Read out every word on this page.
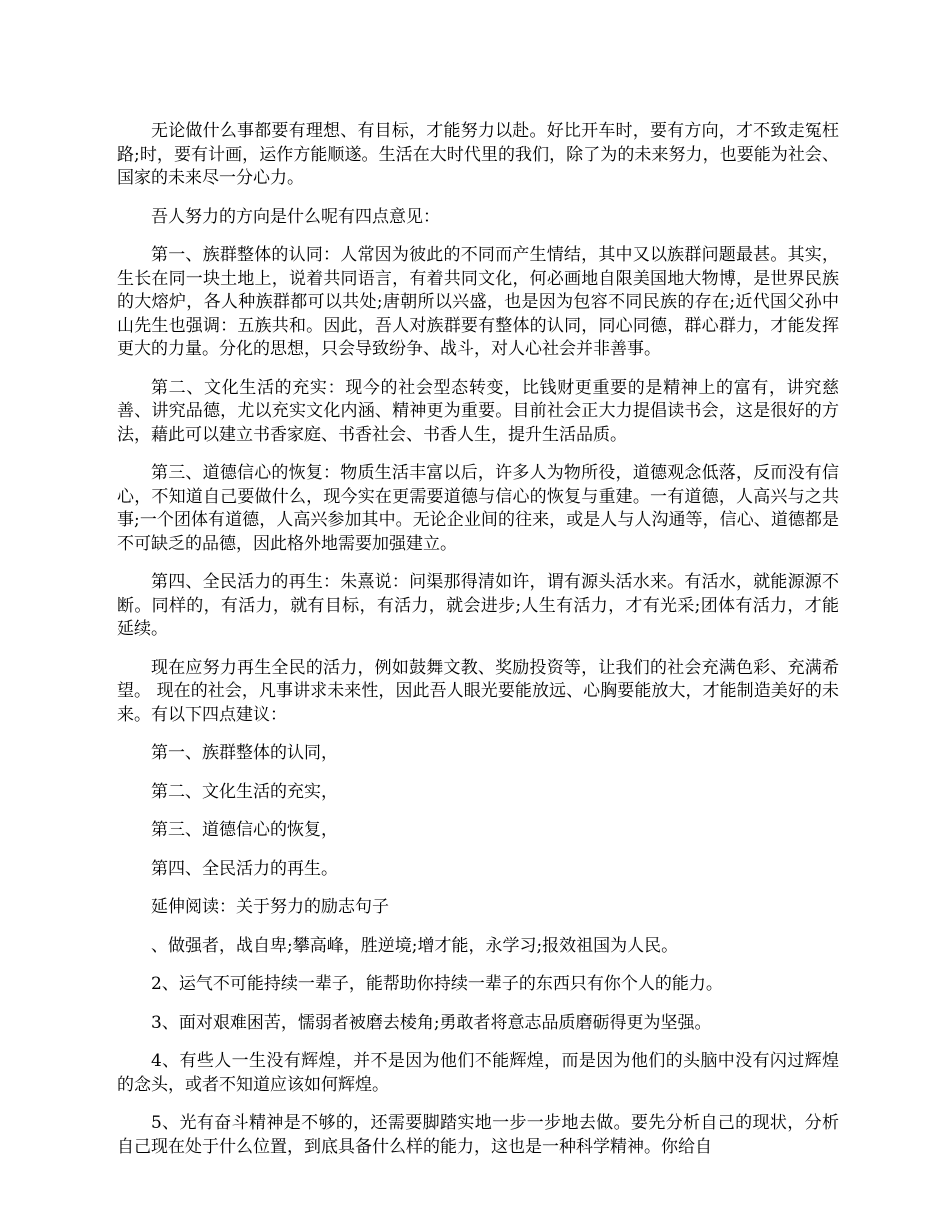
无论做什么事都要有理想、有目标，才能努力以赴。好比开车时，要有方向，才不致走冤枉路;时，要有计画，运作方能顺遂。生活在大时代里的我们，除了为的未来努力，也要能为社会、国家的未来尽一分心力。

吾人努力的方向是什么呢有四点意见：

第一、族群整体的认同：人常因为彼此的不同而产生情结，其中又以族群问题最甚。其实，生长在同一块土地上，说着共同语言，有着共同文化，何必画地自限美国地大物博，是世界民族的大熔炉，各人种族群都可以共处;唐朝所以兴盛，也是因为包容不同民族的存在;近代国父孙中山先生也强调：五族共和。因此，吾人对族群要有整体的认同，同心同德，群心群力，才能发挥更大的力量。分化的思想，只会导致纷争、战斗，对人心社会并非善事。

第二、文化生活的充实：现今的社会型态转变，比钱财更重要的是精神上的富有，讲究慈善、讲究品德，尤以充实文化内涵、精神更为重要。目前社会正大力提倡读书会，这是很好的方法，藉此可以建立书香家庭、书香社会、书香人生，提升生活品质。

第三、道德信心的恢复：物质生活丰富以后，许多人为物所役，道德观念低落，反而没有信心，不知道自己要做什么，现今实在更需要道德与信心的恢复与重建。一有道德，人高兴与之共事;一个团体有道德，人高兴参加其中。无论企业间的往来，或是人与人沟通等，信心、道德都是不可缺乏的品德，因此格外地需要加强建立。

第四、全民活力的再生：朱熹说：问渠那得清如许，谓有源头活水来。有活水，就能源源不断。同样的，有活力，就有目标，有活力，就会进步;人生有活力，才有光采;团体有活力，才能延续。

现在应努力再生全民的活力，例如鼓舞文教、奖励投资等，让我们的社会充满色彩、充满希望。 现在的社会，凡事讲求未来性，因此吾人眼光要能放远、心胸要能放大，才能制造美好的未来。有以下四点建议：

第一、族群整体的认同，

第二、文化生活的充实，

第三、道德信心的恢复，

第四、全民活力的再生。

延伸阅读：关于努力的励志句子

、做强者，战自卑;攀高峰，胜逆境;增才能，永学习;报效祖国为人民。

2、运气不可能持续一辈子，能帮助你持续一辈子的东西只有你个人的能力。

3、面对艰难困苦，懦弱者被磨去棱角;勇敢者将意志品质磨砺得更为坚强。

4、有些人一生没有辉煌，并不是因为他们不能辉煌，而是因为他们的头脑中没有闪过辉煌的念头，或者不知道应该如何辉煌。

5、光有奋斗精神是不够的，还需要脚踏实地一步一步地去做。要先分析自己的现状，分析自己现在处于什么位置，到底具备什么样的能力，这也是一种科学精神。你给自
